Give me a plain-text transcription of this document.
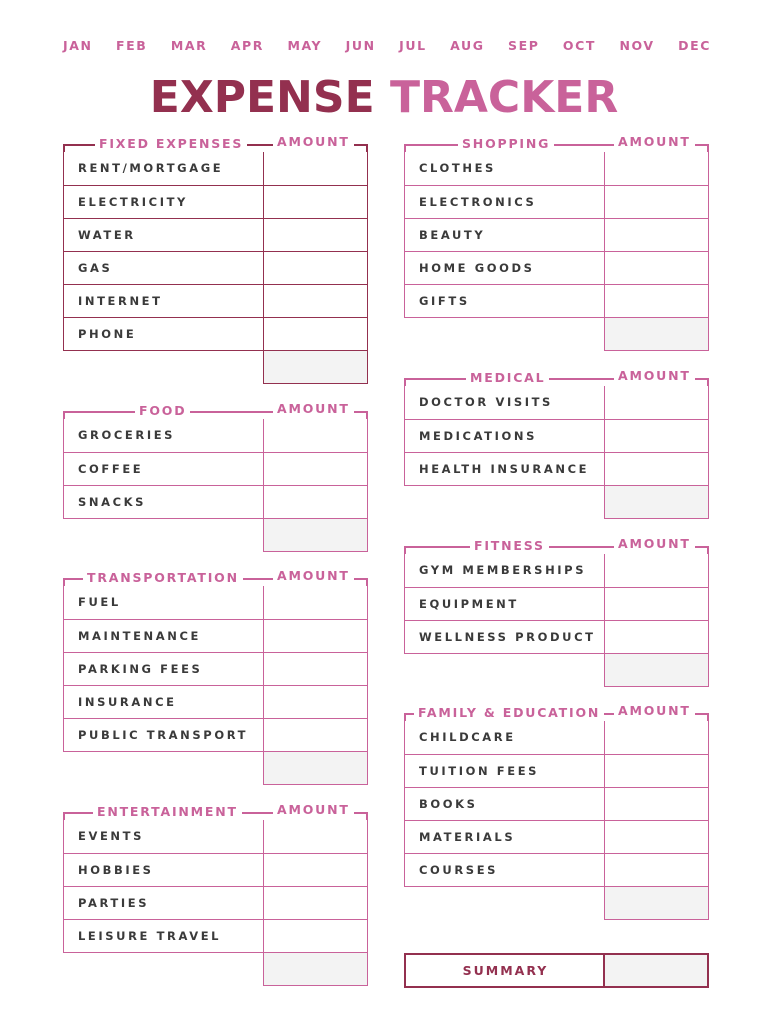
JAN FEB MAR APR MAY JUN JUL AUG SEP OCT NOV DEC
EXPENSE TRACKER
FIXED EXPENSES	AMOUNT
RENT/MORTGAGE
ELECTRICITY
WATER
GAS
INTERNET
PHONE
FOOD	AMOUNT
GROCERIES
COFFEE
SNACKS
TRANSPORTATION	AMOUNT
FUEL
MAINTENANCE
PARKING FEES
INSURANCE
PUBLIC TRANSPORT
ENTERTAINMENT	AMOUNT
EVENTS
HOBBIES
PARTIES
LEISURE TRAVEL
SHOPPING	AMOUNT
CLOTHES
ELECTRONICS
BEAUTY
HOME GOODS
GIFTS
MEDICAL	AMOUNT
DOCTOR VISITS
MEDICATIONS
HEALTH INSURANCE
FITNESS	AMOUNT
GYM MEMBERSHIPS
EQUIPMENT
WELLNESS PRODUCT
FAMILY & EDUCATION	AMOUNT
CHILDCARE
TUITION FEES
BOOKS
MATERIALS
COURSES
SUMMARY
